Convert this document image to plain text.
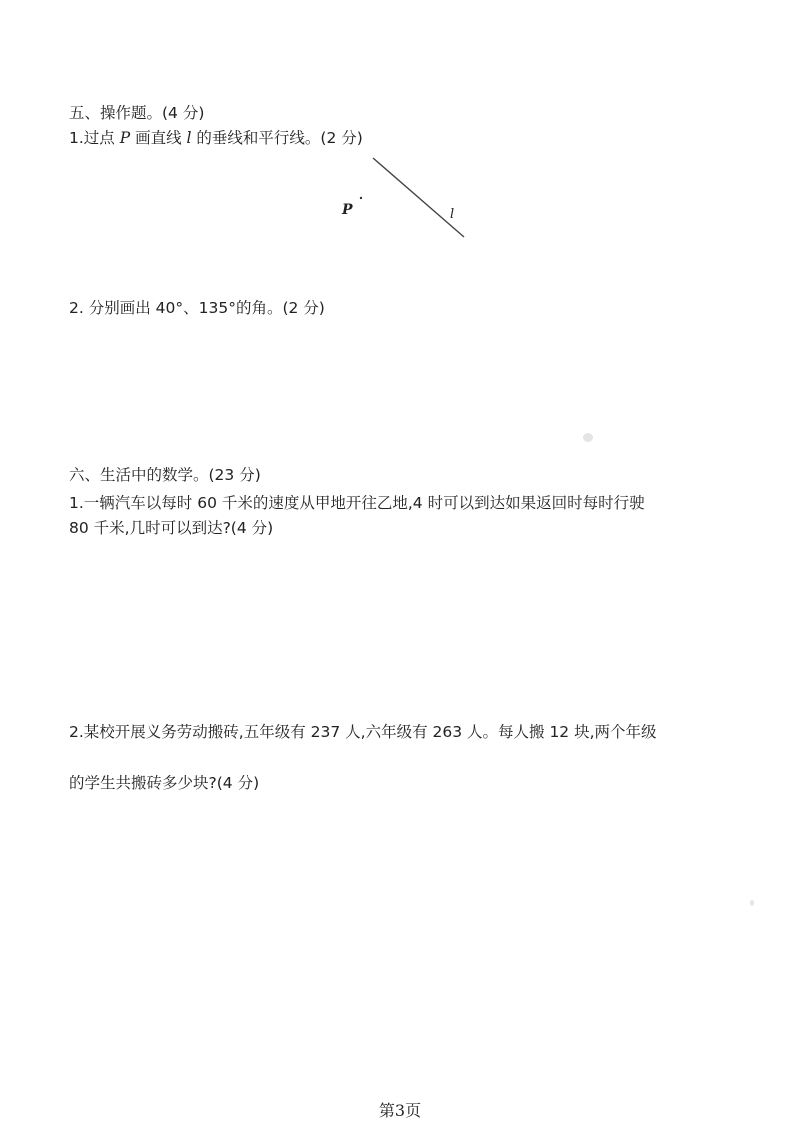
五、操作题。(4 分)
1.过点 P 画直线 l 的垂线和平行线。(2 分)
P	l
2. 分别画出 40°、135°的角。(2 分)
六、生活中的数学。(23 分)
1.一辆汽车以每时 60 千米的速度从甲地开往乙地,4 时可以到达如果返回时每时行驶
80 千米,几时可以到达?(4 分)
2.某校开展义务劳动搬砖,五年级有 237 人,六年级有 263 人。每人搬 12 块,两个年级
的学生共搬砖多少块?(4 分)
第3页
